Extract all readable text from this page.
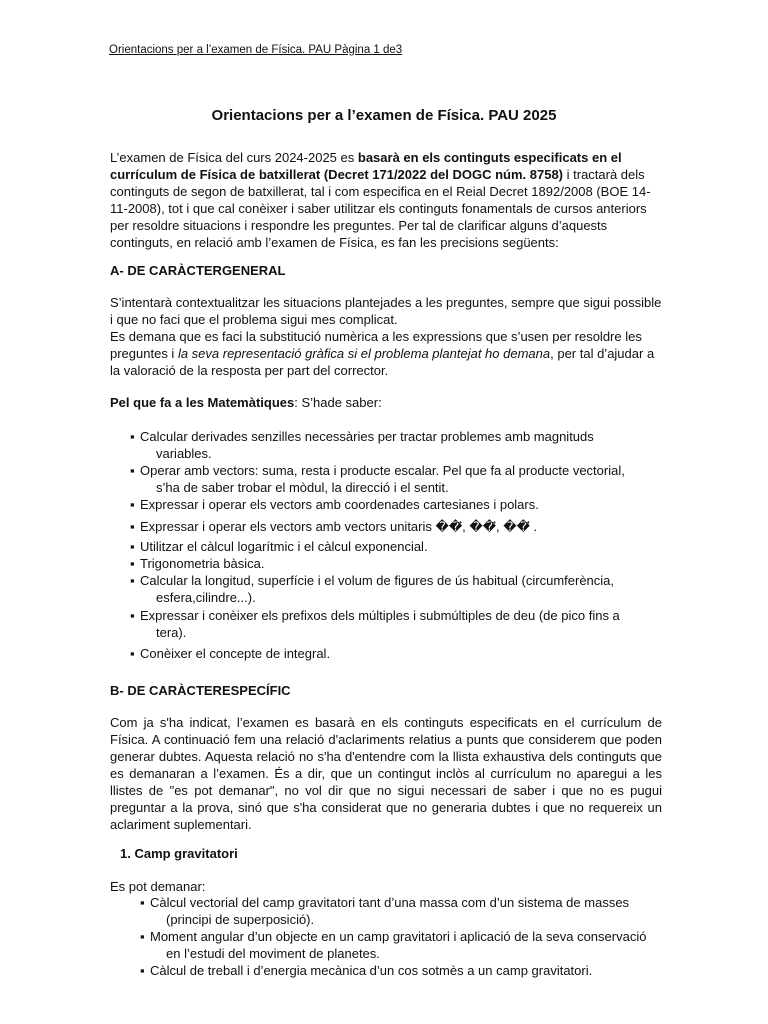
Orientacions per a l’examen de Física. PAU Pàgina 1 de3
Orientacions per a l’examen de Física. PAU 2025
L’examen de Física del curs 2024-2025 es basarà en els continguts especificats en el currículum de Física de batxillerat (Decret 171/2022 del DOGC núm. 8758) i tractarà dels continguts de segon de batxillerat, tal i com especifica en el Reial Decret 1892/2008 (BOE 14-11-2008), tot i que cal conèixer i saber utilitzar els continguts fonamentals de cursos anteriors per resoldre situacions i respondre les preguntes. Per tal de clarificar alguns d’aquests continguts, en relació amb l’examen de Física, es fan les precisions següents:
A- DE CARÀCTERGENERAL
S’intentarà contextualitzar les situacions plantejades a les preguntes, sempre que sigui possible i que no faci que el problema sigui mes complicat.
Es demana que es faci la substitució numèrica a les expressions que s’usen per resoldre les preguntes i la seva representació gràfica si el problema plantejat ho demana, per tal d’ajudar a la valoració de la resposta per part del corrector.
Pel que fa a les Matemàtiques: S’hade saber:
▪ Calcular derivades senzilles necessàries per tractar problemes amb magnituds
variables.
▪ Operar amb vectors: suma, resta i producte escalar. Pel que fa al producte vectorial,
s’ha de saber trobar el mòdul, la direcció i el sentit.
▪ Expressar i operar els vectors amb coordenades cartesianes i polars.
▪ Expressar i operar els vectors amb vectors unitaris ��⃗, ��⃗, ��⃗ .
▪ Utilitzar el càlcul logarítmic i el càlcul exponencial.
▪ Trigonometria bàsica.
▪ Calcular la longitud, superfície i el volum de figures de ús habitual (circumferència,
esfera,cilindre...).
▪ Expressar i conèixer els prefixos dels múltiples i submúltiples de deu (de pico fins a
tera).
▪ Conèixer el concepte de integral.
B- DE CARÀCTERESPECÍFIC
Com ja s'ha indicat, l’examen es basarà en els continguts especificats en el currículum de Física. A continuació fem una relació d'aclariments relatius a punts que considerem que poden generar dubtes. Aquesta relació no s'ha d'entendre com la llista exhaustiva dels continguts que es demanaran a l’examen. És a dir, que un contingut inclòs al currículum no aparegui a les llistes de "es pot demanar", no vol dir que no sigui necessari de saber i que no es pugui preguntar a la prova, sinó que s'ha considerat que no generaria dubtes i que no requereix un aclariment suplementari.
1. Camp gravitatori
Es pot demanar:
▪ Càlcul vectorial del camp gravitatori tant d’una massa com d’un sistema de masses
(principi de superposició).
▪ Moment angular d’un objecte en un camp gravitatori i aplicació de la seva conservació
en l’estudi del moviment de planetes.
▪ Càlcul de treball i d’energia mecànica d’un cos sotmès a un camp gravitatori.
